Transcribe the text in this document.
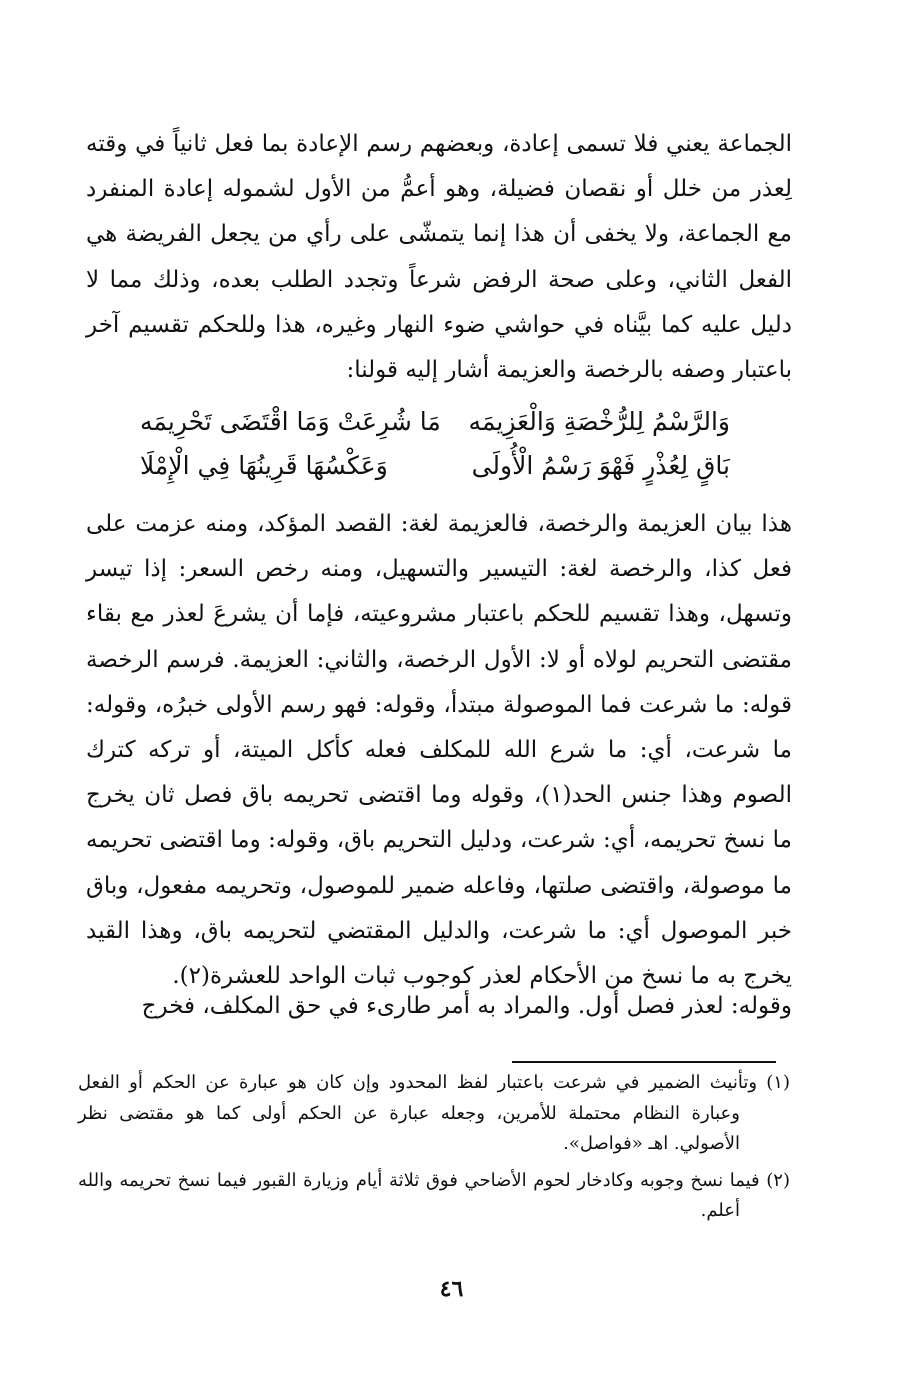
الجماعة يعني فلا تسمى إعادة، وبعضهم رسم الإعادة بما فعل ثانياً في وقته لِعذر من خلل أو نقصان فضيلة، وهو أعمُّ من الأول لشموله إعادة المنفرد مع الجماعة، ولا يخفى أن هذا إنما يتمشّى على رأي من يجعل الفريضة هي الفعل الثاني، وعلى صحة الرفض شرعاً وتجدد الطلب بعده، وذلك مما لا دليل عليه كما بيَّناه في حواشي ضوء النهار وغيره، هذا وللحكم تقسيم آخر باعتبار وصفه بالرخصة والعزيمة أشار إليه قولنا:

وَالرَّسْمُ لِلرُّخْصَةِ وَالْعَزِيمَه
مَا شُرِعَتْ وَمَا اقْتَضَى تَحْرِيمَه
بَاقٍ لِعُذْرٍ فَهْوَ رَسْمُ الْأُولَى
وَعَكْسُهَا قَرِينُهَا فِي الْإِمْلَا

هذا بيان العزيمة والرخصة، فالعزيمة لغة: القصد المؤكد، ومنه عزمت على فعل كذا، والرخصة لغة: التيسير والتسهيل، ومنه رخص السعر: إذا تيسر وتسهل، وهذا تقسيم للحكم باعتبار مشروعيته، فإما أن يشرعَ لعذر مع بقاء مقتضى التحريم لولاه أو لا: الأول الرخصة، والثاني: العزيمة. فرسم الرخصة قوله: ما شرعت فما الموصولة مبتدأ، وقوله: فهو رسم الأولى خبرُه، وقوله: ما شرعت، أي: ما شرع الله للمكلف فعله كأكل الميتة، أو تركه كترك الصوم وهذا جنس الحد(١)، وقوله وما اقتضى تحريمه باق فصل ثان يخرج ما نسخ تحريمه، أي: شرعت، ودليل التحريم باق، وقوله: وما اقتضى تحريمه ما موصولة، واقتضى صلتها، وفاعله ضمير للموصول، وتحريمه مفعول، وباق خبر الموصول أي: ما شرعت، والدليل المقتضي لتحريمه باق، وهذا القيد يخرج به ما نسخ من الأحكام لعذر كوجوب ثبات الواحد للعشرة(٢).

وقوله: لعذر فصل أول. والمراد به أمر طارىء في حق المكلف، فخرج

(١) وتأنيث الضمير في شرعت باعتبار لفظ المحدود وإن كان هو عبارة عن الحكم أو الفعل وعبارة النظام محتملة للأمرين، وجعله عبارة عن الحكم أولى كما هو مقتضى نظر الأصولي. اهـ «فواصل».

(٢) فيما نسخ وجوبه وكادخار لحوم الأضاحي فوق ثلاثة أيام وزيارة القبور فيما نسخ تحريمه والله أعلم.

٤٦
